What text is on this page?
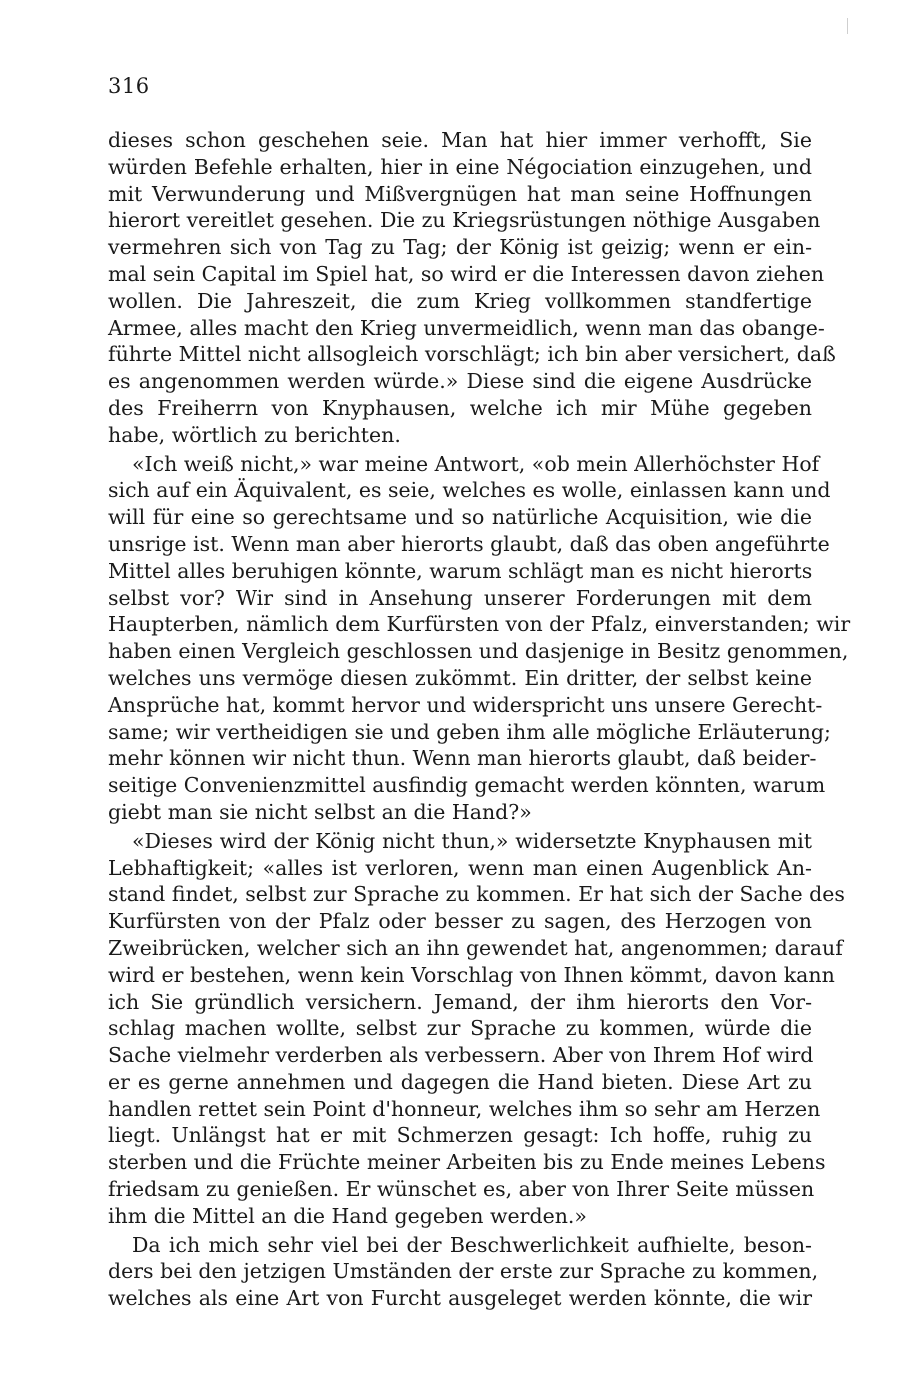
316
dieses schon geschehen seie. Man hat hier immer verhofft, Sie
würden Befehle erhalten, hier in eine Négociation einzugehen, und
mit Verwunderung und Mißvergnügen hat man seine Hoffnungen
hierort vereitlet gesehen. Die zu Kriegsrüstungen nöthige Ausgaben
vermehren sich von Tag zu Tag; der König ist geizig; wenn er ein-
mal sein Capital im Spiel hat, so wird er die Interessen davon ziehen
wollen. Die Jahreszeit, die zum Krieg vollkommen standfertige
Armee, alles macht den Krieg unvermeidlich, wenn man das obange-
führte Mittel nicht allsogleich vorschlägt; ich bin aber versichert, daß
es angenommen werden würde.» Diese sind die eigene Ausdrücke
des Freiherrn von Knyphausen, welche ich mir Mühe gegeben
habe, wörtlich zu berichten.
«Ich weiß nicht,» war meine Antwort, «ob mein Allerhöchster Hof
sich auf ein Äquivalent, es seie, welches es wolle, einlassen kann und
will für eine so gerechtsame und so natürliche Acquisition, wie die
unsrige ist. Wenn man aber hierorts glaubt, daß das oben angeführte
Mittel alles beruhigen könnte, warum schlägt man es nicht hierorts
selbst vor? Wir sind in Ansehung unserer Forderungen mit dem
Haupterben, nämlich dem Kurfürsten von der Pfalz, einverstanden; wir
haben einen Vergleich geschlossen und dasjenige in Besitz genommen,
welches uns vermöge diesen zukömmt. Ein dritter, der selbst keine
Ansprüche hat, kommt hervor und widerspricht uns unsere Gerecht-
same; wir vertheidigen sie und geben ihm alle mögliche Erläuterung;
mehr können wir nicht thun. Wenn man hierorts glaubt, daß beider-
seitige Convenienzmittel ausfindig gemacht werden könnten, warum
giebt man sie nicht selbst an die Hand?»
«Dieses wird der König nicht thun,» widersetzte Knyphausen mit
Lebhaftigkeit; «alles ist verloren, wenn man einen Augenblick An-
stand findet, selbst zur Sprache zu kommen. Er hat sich der Sache des
Kurfürsten von der Pfalz oder besser zu sagen, des Herzogen von
Zweibrücken, welcher sich an ihn gewendet hat, angenommen; darauf
wird er bestehen, wenn kein Vorschlag von Ihnen kömmt, davon kann
ich Sie gründlich versichern. Jemand, der ihm hierorts den Vor-
schlag machen wollte, selbst zur Sprache zu kommen, würde die
Sache vielmehr verderben als verbessern. Aber von Ihrem Hof wird
er es gerne annehmen und dagegen die Hand bieten. Diese Art zu
handlen rettet sein Point d'honneur, welches ihm so sehr am Herzen
liegt. Unlängst hat er mit Schmerzen gesagt: Ich hoffe, ruhig zu
sterben und die Früchte meiner Arbeiten bis zu Ende meines Lebens
friedsam zu genießen. Er wünschet es, aber von Ihrer Seite müssen
ihm die Mittel an die Hand gegeben werden.»
Da ich mich sehr viel bei der Beschwerlichkeit aufhielte, beson-
ders bei den jetzigen Umständen der erste zur Sprache zu kommen,
welches als eine Art von Furcht ausgeleget werden könnte, die wir
